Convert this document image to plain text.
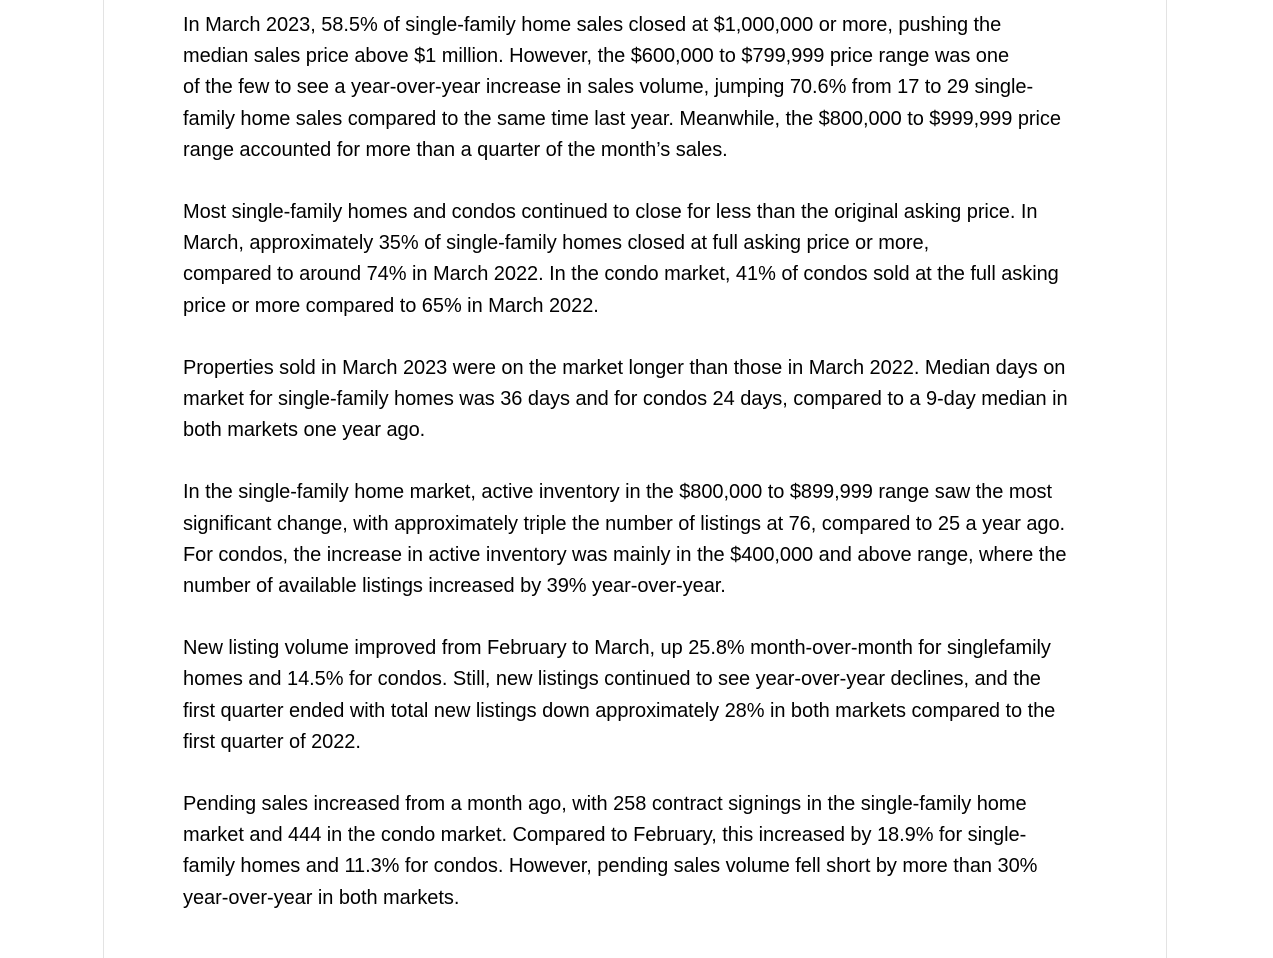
In March 2023, 58.5% of single-family home sales closed at $1,000,000 or more, pushing the
median sales price above $1 million. However, the $600,000 to $799,999 price range was one
of the few to see a year-over-year increase in sales volume, jumping 70.6% from 17 to 29 single-
family home sales compared to the same time last year. Meanwhile, the $800,000 to $999,999 price
range accounted for more than a quarter of the month’s sales.

Most single-family homes and condos continued to close for less than the original asking price. In
March, approximately 35% of single-family homes closed at full asking price or more,
compared to around 74% in March 2022. In the condo market, 41% of condos sold at the full asking
price or more compared to 65% in March 2022.

Properties sold in March 2023 were on the market longer than those in March 2022. Median days on
market for single-family homes was 36 days and for condos 24 days, compared to a 9-day median in
both markets one year ago.

In the single-family home market, active inventory in the $800,000 to $899,999 range saw the most
significant change, with approximately triple the number of listings at 76, compared to 25 a year ago.
For condos, the increase in active inventory was mainly in the $400,000 and above range, where the
number of available listings increased by 39% year-over-year.

New listing volume improved from February to March, up 25.8% month-over-month for singlefamily
homes and 14.5% for condos. Still, new listings continued to see year-over-year declines, and the
first quarter ended with total new listings down approximately 28% in both markets compared to the
first quarter of 2022.

Pending sales increased from a month ago, with 258 contract signings in the single-family home
market and 444 in the condo market. Compared to February, this increased by 18.9% for single-
family homes and 11.3% for condos. However, pending sales volume fell short by more than 30%
year-over-year in both markets.
